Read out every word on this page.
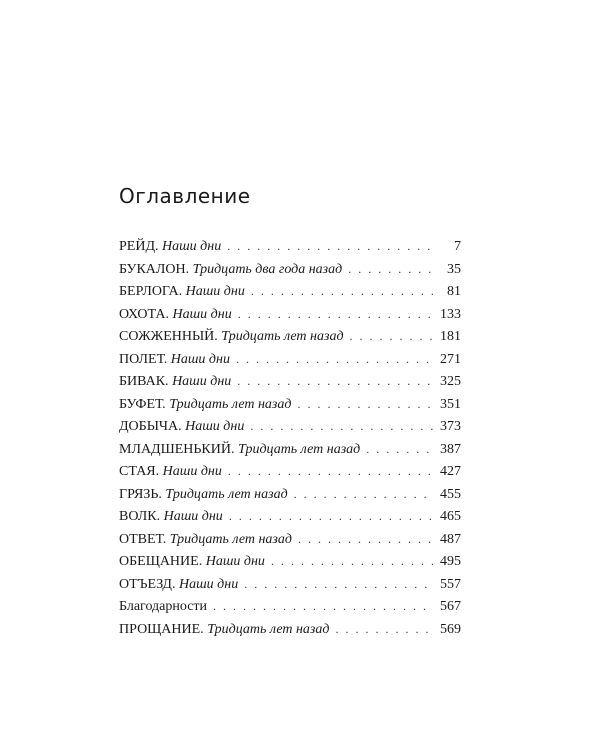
Оглавление
РЕЙД. Наши дни . . .	7
БУКАЛОН. Тридцать два года назад . . .	35
БЕРЛОГА. Наши дни . . .	81
ОХОТА. Наши дни . . .	133
СОЖЖЕННЫЙ. Тридцать лет назад . . .	181
ПОЛЕТ. Наши дни . . .	271
БИВАК. Наши дни . . .	325
БУФЕТ. Тридцать лет назад . . .	351
ДОБЫЧА. Наши дни . . .	373
МЛАДШЕНЬКИЙ. Тридцать лет назад . . .	387
СТАЯ. Наши дни . . .	427
ГРЯЗЬ. Тридцать лет назад . . .	455
ВОЛК. Наши дни . . .	465
ОТВЕТ. Тридцать лет назад . . .	487
ОБЕЩАНИЕ. Наши дни . . .	495
ОТЪЕЗД. Наши дни . . .	557
Благодарности . . .	567
ПРОЩАНИЕ. Тридцать лет назад . . .	569
